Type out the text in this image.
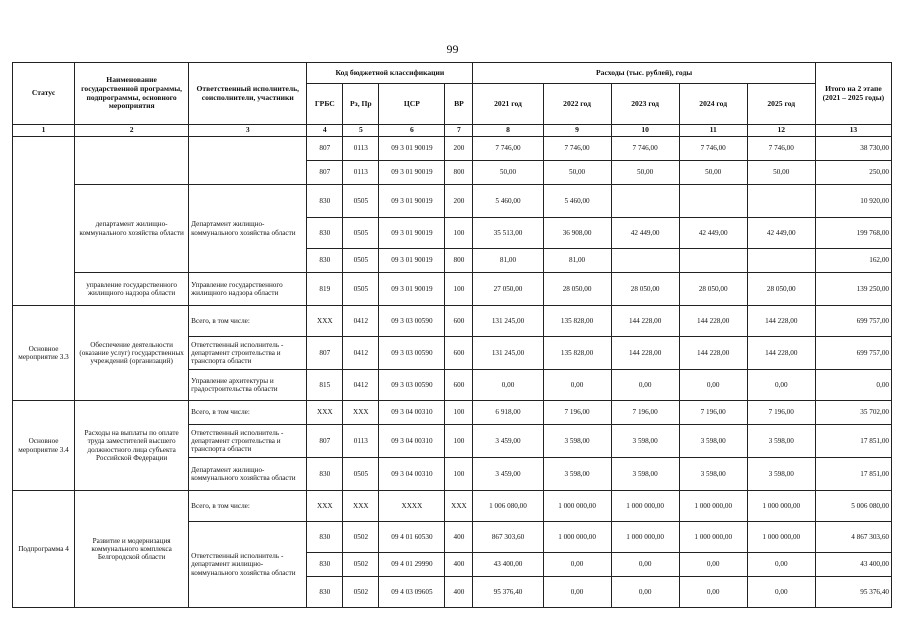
99
Статус	Наименование государственной программы, подпрограммы, основного мероприятия	Ответственный исполнитель, соисполнители, участники	Код бюджетной классификации				Расходы (тыс. рублей), годы					Итого на 2 этапе (2021 – 2025 годы)
			ГРБС	Рз, Пр	ЦСР	ВР	2021 год	2022 год	2023 год	2024 год	2025 год	
1	2	3	4	5	6	7	8	9	10	11	12	13
			807	0113	09 3 01 90019	200	7 746,00	7 746,00	7 746,00	7 746,00	7 746,00	38 730,00
			807	0113	09 3 01 90019	800	50,00	50,00	50,00	50,00	50,00	250,00
	департамент жилищно-коммунального хозяйства области	Департамент жилищно-коммунального хозяйства области	830	0505	09 3 01 90019	200	5 460,00	5 460,00				10 920,00
			830	0505	09 3 01 90019	100	35 513,00	36 908,00	42 449,00	42 449,00	42 449,00	199 768,00
			830	0505	09 3 01 90019	800	81,00	81,00				162,00
	управление государственного жилищного надзора области	Управление государственного жилищного надзора области	819	0505	09 3 01 90019	100	27 050,00	28 050,00	28 050,00	28 050,00	28 050,00	139 250,00
Основное мероприятие 3.3	Обеспечение деятельности (оказание услуг) государственных учреждений (организаций)	Всего, в том числе:	XXX	0412	09 3 03 00590	600	131 245,00	135 828,00	144 228,00	144 228,00	144 228,00	699 757,00
		Ответственный исполнитель - департамент строительства и транспорта области	807	0412	09 3 03 00590	600	131 245,00	135 828,00	144 228,00	144 228,00	144 228,00	699 757,00
		Управление архитектуры и градостроительства области	815	0412	09 3 03 00590	600	0,00	0,00	0,00	0,00	0,00	0,00
Основное мероприятие 3.4	Расходы на выплаты по оплате труда заместителей высшего должностного лица субъекта Российской Федерации	Всего, в том числе:	XXX	XXX	09 3 04 00310	100	6 918,00	7 196,00	7 196,00	7 196,00	7 196,00	35 702,00
		Ответственный исполнитель - департамент строительства и транспорта области	807	0113	09 3 04 00310	100	3 459,00	3 598,00	3 598,00	3 598,00	3 598,00	17 851,00
		Департамент жилищно-коммунального хозяйства области	830	0505	09 3 04 00310	100	3 459,00	3 598,00	3 598,00	3 598,00	3 598,00	17 851,00
Подпрограмма 4	Развитие и модернизация коммунального комплекса Белгородской области	Всего, в том числе:	XXX	XXX	XXXX	XXX	1 006 080,00	1 000 000,00	1 000 000,00	1 000 000,00	1 000 000,00	5 006 080,00
		Ответственный исполнитель - департамент жилищно-коммунального хозяйства области	830	0502	09 4 01 60530	400	867 303,60	1 000 000,00	1 000 000,00	1 000 000,00	1 000 000,00	4 867 303,60
			830	0502	09 4 01 29990	400	43 400,00	0,00	0,00	0,00	0,00	43 400,00
			830	0502	09 4 03 09605	400	95 376,40	0,00	0,00	0,00	0,00	95 376,40
